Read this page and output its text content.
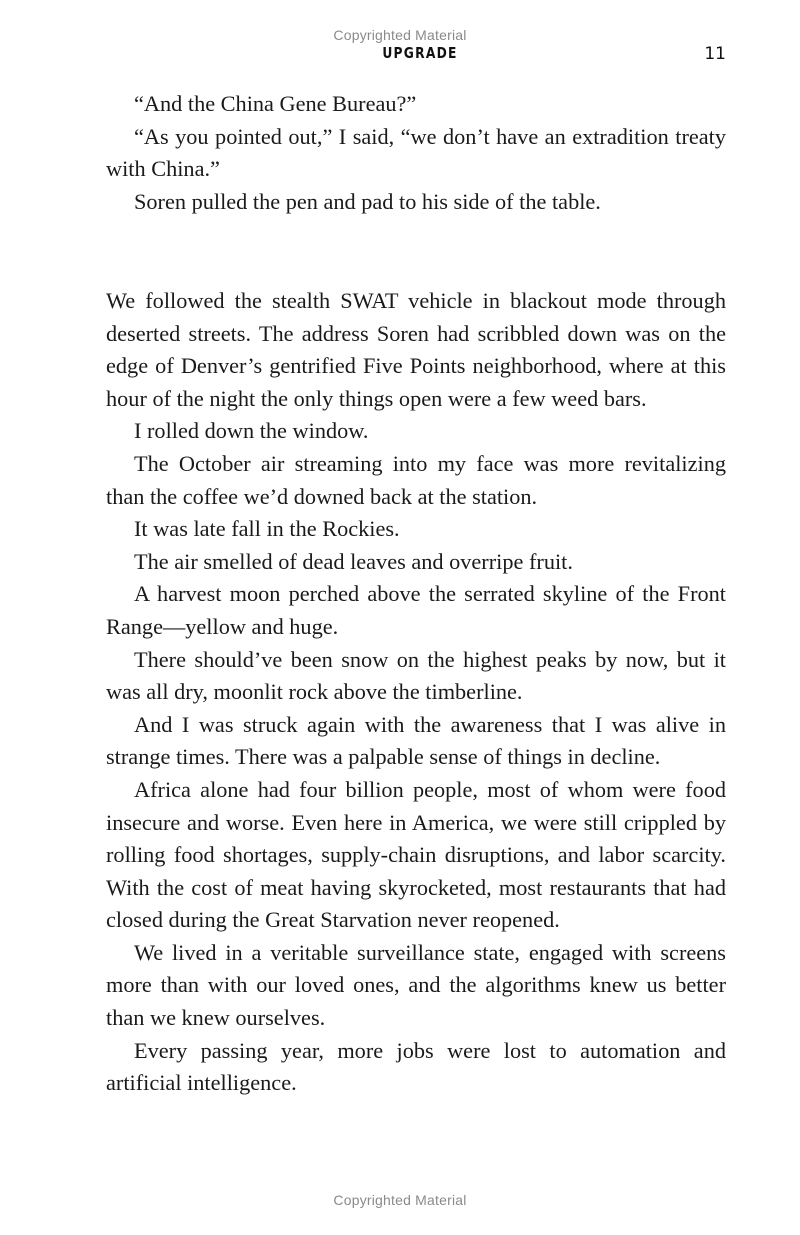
Copyrighted Material
UPGRADE	11

“And the China Gene Bureau?”

“As you pointed out,” I said, “we don’t have an extradition treaty with China.”

Soren pulled the pen and pad to his side of the table.

We followed the stealth SWAT vehicle in blackout mode through deserted streets. The address Soren had scribbled down was on the edge of Denver’s gentrified Five Points neighborhood, where at this hour of the night the only things open were a few weed bars.

I rolled down the window.

The October air streaming into my face was more revitalizing than the coffee we’d downed back at the station.

It was late fall in the Rockies.

The air smelled of dead leaves and overripe fruit.

A harvest moon perched above the serrated skyline of the Front Range—yellow and huge.

There should’ve been snow on the highest peaks by now, but it was all dry, moonlit rock above the timberline.

And I was struck again with the awareness that I was alive in strange times. There was a palpable sense of things in decline.

Africa alone had four billion people, most of whom were food insecure and worse. Even here in America, we were still crippled by rolling food shortages, supply-chain disruptions, and labor scarcity. With the cost of meat having skyrocketed, most restaurants that had closed during the Great Starvation never reopened.

We lived in a veritable surveillance state, engaged with screens more than with our loved ones, and the algorithms knew us better than we knew ourselves.

Every passing year, more jobs were lost to automation and artificial intelligence.

Copyrighted Material
